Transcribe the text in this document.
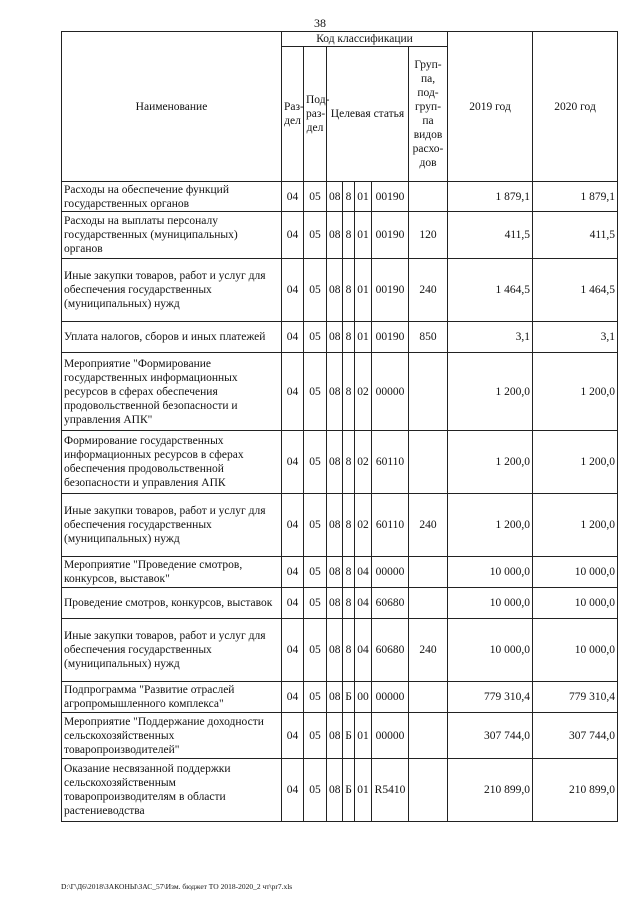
38
Наименование	Код классификации							2019 год	2020 год
	Раз-дел	Под-раз-дел	Целевая статья				Груп-па, под-груп-па видов расхо-дов		
Расходы на обеспечение функций государственных органов	04	05	08	8	01	00190		1 879,1	1 879,1
Расходы на выплаты персоналу государственных (муниципальных) органов	04	05	08	8	01	00190	120	411,5	411,5
Иные закупки товаров, работ и услуг для обеспечения государственных (муниципальных) нужд	04	05	08	8	01	00190	240	1 464,5	1 464,5
Уплата налогов, сборов и иных платежей	04	05	08	8	01	00190	850	3,1	3,1
Мероприятие "Формирование государственных информационных ресурсов в сферах обеспечения продовольственной безопасности и управления АПК"	04	05	08	8	02	00000		1 200,0	1 200,0
Формирование государственных информационных ресурсов в сферах обеспечения продовольственной безопасности и управления АПК	04	05	08	8	02	60110		1 200,0	1 200,0
Иные закупки товаров, работ и услуг для обеспечения государственных (муниципальных) нужд	04	05	08	8	02	60110	240	1 200,0	1 200,0
Мероприятие "Проведение смотров, конкурсов, выставок"	04	05	08	8	04	00000		10 000,0	10 000,0
Проведение смотров, конкурсов, выставок	04	05	08	8	04	60680		10 000,0	10 000,0
Иные закупки товаров, работ и услуг для обеспечения государственных (муниципальных) нужд	04	05	08	8	04	60680	240	10 000,0	10 000,0
Подпрограмма "Развитие отраслей агропромышленного комплекса"	04	05	08	Б	00	00000		779 310,4	779 310,4
Мероприятие "Поддержание доходности сельскохозяйственных товаропроизводителей"	04	05	08	Б	01	00000		307 744,0	307 744,0
Оказание несвязанной поддержки сельскохозяйственным товаропроизводителям в области растениеводства	04	05	08	Б	01	R5410		210 899,0	210 899,0
D:\Г\Д6\2018\ЗАКОНЫ\ЗАС_57\Изм. бюджет ТО 2018-2020_2 чт\pr7.xls
